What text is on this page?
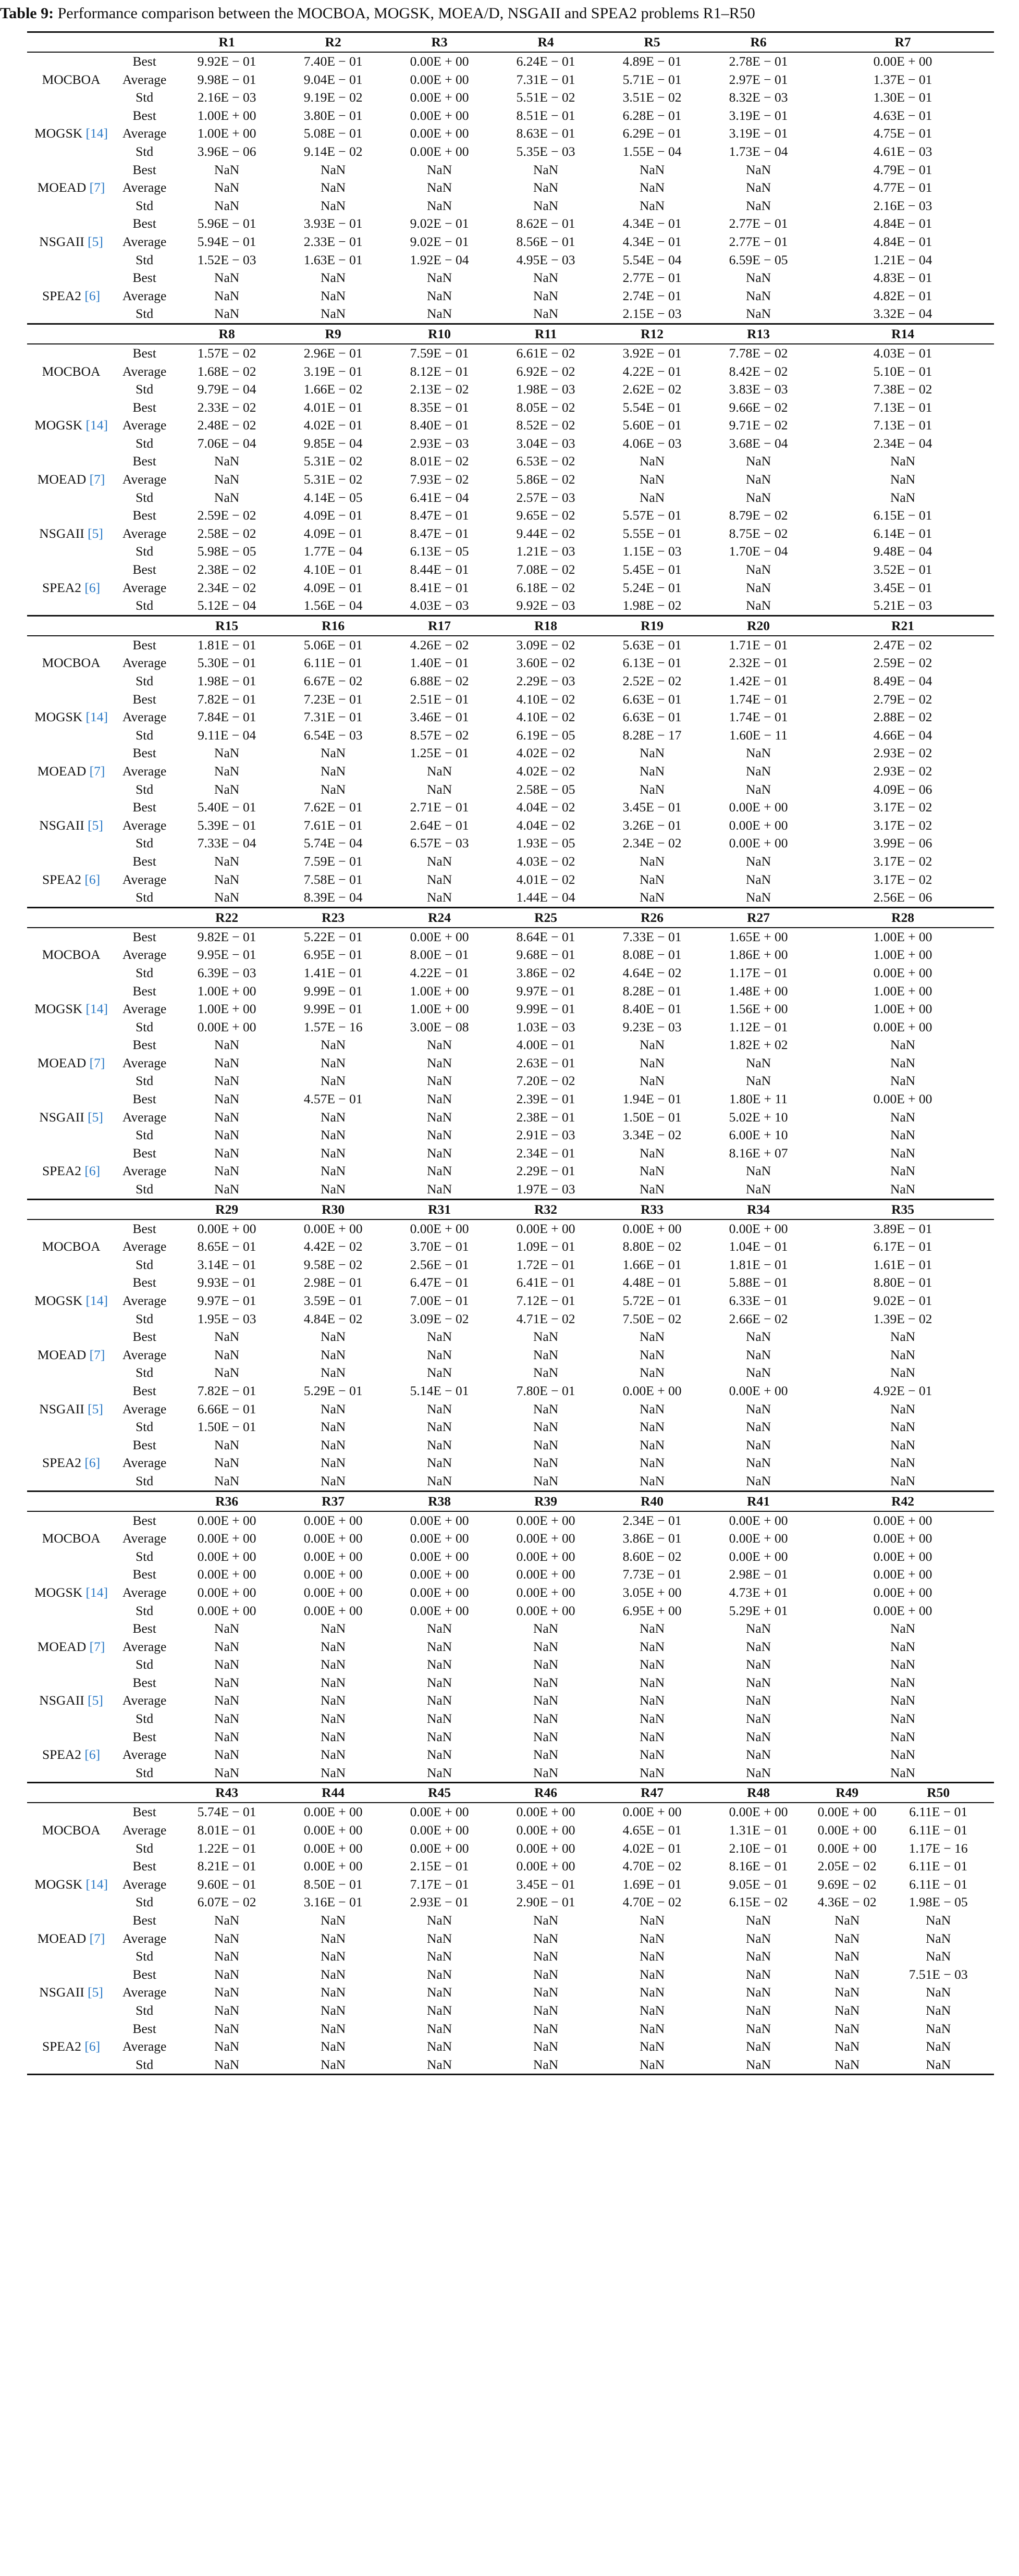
Table 9: Performance comparison between the MOCBOA, MOGSK, MOEA/D, NSGAII and SPEA2 problems R1–R50
		R1	R2	R3	R4	R5	R6	R7	
	Best	9.92E − 01	7.40E − 01	0.00E + 00	6.24E − 01	4.89E − 01	2.78E − 01	0.00E + 00	
MOCBOA	Average	9.98E − 01	9.04E − 01	0.00E + 00	7.31E − 01	5.71E − 01	2.97E − 01	1.37E − 01	
	Std	2.16E − 03	9.19E − 02	0.00E + 00	5.51E − 02	3.51E − 02	8.32E − 03	1.30E − 01	
	Best	1.00E + 00	3.80E − 01	0.00E + 00	8.51E − 01	6.28E − 01	3.19E − 01	4.63E − 01	
MOGSK [14]	Average	1.00E + 00	5.08E − 01	0.00E + 00	8.63E − 01	6.29E − 01	3.19E − 01	4.75E − 01	
	Std	3.96E − 06	9.14E − 02	0.00E + 00	5.35E − 03	1.55E − 04	1.73E − 04	4.61E − 03	
	Best	NaN	NaN	NaN	NaN	NaN	NaN	4.79E − 01	
MOEAD [7]	Average	NaN	NaN	NaN	NaN	NaN	NaN	4.77E − 01	
	Std	NaN	NaN	NaN	NaN	NaN	NaN	2.16E − 03	
	Best	5.96E − 01	3.93E − 01	9.02E − 01	8.62E − 01	4.34E − 01	2.77E − 01	4.84E − 01	
NSGAII [5]	Average	5.94E − 01	2.33E − 01	9.02E − 01	8.56E − 01	4.34E − 01	2.77E − 01	4.84E − 01	
	Std	1.52E − 03	1.63E − 01	1.92E − 04	4.95E − 03	5.54E − 04	6.59E − 05	1.21E − 04	
	Best	NaN	NaN	NaN	NaN	2.77E − 01	NaN	4.83E − 01	
SPEA2 [6]	Average	NaN	NaN	NaN	NaN	2.74E − 01	NaN	4.82E − 01	
	Std	NaN	NaN	NaN	NaN	2.15E − 03	NaN	3.32E − 04	
		R8	R9	R10	R11	R12	R13	R14	
	Best	1.57E − 02	2.96E − 01	7.59E − 01	6.61E − 02	3.92E − 01	7.78E − 02	4.03E − 01	
MOCBOA	Average	1.68E − 02	3.19E − 01	8.12E − 01	6.92E − 02	4.22E − 01	8.42E − 02	5.10E − 01	
	Std	9.79E − 04	1.66E − 02	2.13E − 02	1.98E − 03	2.62E − 02	3.83E − 03	7.38E − 02	
	Best	2.33E − 02	4.01E − 01	8.35E − 01	8.05E − 02	5.54E − 01	9.66E − 02	7.13E − 01	
MOGSK [14]	Average	2.48E − 02	4.02E − 01	8.40E − 01	8.52E − 02	5.60E − 01	9.71E − 02	7.13E − 01	
	Std	7.06E − 04	9.85E − 04	2.93E − 03	3.04E − 03	4.06E − 03	3.68E − 04	2.34E − 04	
	Best	NaN	5.31E − 02	8.01E − 02	6.53E − 02	NaN	NaN	NaN	
MOEAD [7]	Average	NaN	5.31E − 02	7.93E − 02	5.86E − 02	NaN	NaN	NaN	
	Std	NaN	4.14E − 05	6.41E − 04	2.57E − 03	NaN	NaN	NaN	
	Best	2.59E − 02	4.09E − 01	8.47E − 01	9.65E − 02	5.57E − 01	8.79E − 02	6.15E − 01	
NSGAII [5]	Average	2.58E − 02	4.09E − 01	8.47E − 01	9.44E − 02	5.55E − 01	8.75E − 02	6.14E − 01	
	Std	5.98E − 05	1.77E − 04	6.13E − 05	1.21E − 03	1.15E − 03	1.70E − 04	9.48E − 04	
	Best	2.38E − 02	4.10E − 01	8.44E − 01	7.08E − 02	5.45E − 01	NaN	3.52E − 01	
SPEA2 [6]	Average	2.34E − 02	4.09E − 01	8.41E − 01	6.18E − 02	5.24E − 01	NaN	3.45E − 01	
	Std	5.12E − 04	1.56E − 04	4.03E − 03	9.92E − 03	1.98E − 02	NaN	5.21E − 03	
		R15	R16	R17	R18	R19	R20	R21	
	Best	1.81E − 01	5.06E − 01	4.26E − 02	3.09E − 02	5.63E − 01	1.71E − 01	2.47E − 02	
MOCBOA	Average	5.30E − 01	6.11E − 01	1.40E − 01	3.60E − 02	6.13E − 01	2.32E − 01	2.59E − 02	
	Std	1.98E − 01	6.67E − 02	6.88E − 02	2.29E − 03	2.52E − 02	1.42E − 01	8.49E − 04	
	Best	7.82E − 01	7.23E − 01	2.51E − 01	4.10E − 02	6.63E − 01	1.74E − 01	2.79E − 02	
MOGSK [14]	Average	7.84E − 01	7.31E − 01	3.46E − 01	4.10E − 02	6.63E − 01	1.74E − 01	2.88E − 02	
	Std	9.11E − 04	6.54E − 03	8.57E − 02	6.19E − 05	8.28E − 17	1.60E − 11	4.66E − 04	
	Best	NaN	NaN	1.25E − 01	4.02E − 02	NaN	NaN	2.93E − 02	
MOEAD [7]	Average	NaN	NaN	NaN	4.02E − 02	NaN	NaN	2.93E − 02	
	Std	NaN	NaN	NaN	2.58E − 05	NaN	NaN	4.09E − 06	
	Best	5.40E − 01	7.62E − 01	2.71E − 01	4.04E − 02	3.45E − 01	0.00E + 00	3.17E − 02	
NSGAII [5]	Average	5.39E − 01	7.61E − 01	2.64E − 01	4.04E − 02	3.26E − 01	0.00E + 00	3.17E − 02	
	Std	7.33E − 04	5.74E − 04	6.57E − 03	1.93E − 05	2.34E − 02	0.00E + 00	3.99E − 06	
	Best	NaN	7.59E − 01	NaN	4.03E − 02	NaN	NaN	3.17E − 02	
SPEA2 [6]	Average	NaN	7.58E − 01	NaN	4.01E − 02	NaN	NaN	3.17E − 02	
	Std	NaN	8.39E − 04	NaN	1.44E − 04	NaN	NaN	2.56E − 06	
		R22	R23	R24	R25	R26	R27	R28	
	Best	9.82E − 01	5.22E − 01	0.00E + 00	8.64E − 01	7.33E − 01	1.65E + 00	1.00E + 00	
MOCBOA	Average	9.95E − 01	6.95E − 01	8.00E − 01	9.68E − 01	8.08E − 01	1.86E + 00	1.00E + 00	
	Std	6.39E − 03	1.41E − 01	4.22E − 01	3.86E − 02	4.64E − 02	1.17E − 01	0.00E + 00	
	Best	1.00E + 00	9.99E − 01	1.00E + 00	9.97E − 01	8.28E − 01	1.48E + 00	1.00E + 00	
MOGSK [14]	Average	1.00E + 00	9.99E − 01	1.00E + 00	9.99E − 01	8.40E − 01	1.56E + 00	1.00E + 00	
	Std	0.00E + 00	1.57E − 16	3.00E − 08	1.03E − 03	9.23E − 03	1.12E − 01	0.00E + 00	
	Best	NaN	NaN	NaN	4.00E − 01	NaN	1.82E + 02	NaN	
MOEAD [7]	Average	NaN	NaN	NaN	2.63E − 01	NaN	NaN	NaN	
	Std	NaN	NaN	NaN	7.20E − 02	NaN	NaN	NaN	
	Best	NaN	4.57E − 01	NaN	2.39E − 01	1.94E − 01	1.80E + 11	0.00E + 00	
NSGAII [5]	Average	NaN	NaN	NaN	2.38E − 01	1.50E − 01	5.02E + 10	NaN	
	Std	NaN	NaN	NaN	2.91E − 03	3.34E − 02	6.00E + 10	NaN	
	Best	NaN	NaN	NaN	2.34E − 01	NaN	8.16E + 07	NaN	
SPEA2 [6]	Average	NaN	NaN	NaN	2.29E − 01	NaN	NaN	NaN	
	Std	NaN	NaN	NaN	1.97E − 03	NaN	NaN	NaN	
		R29	R30	R31	R32	R33	R34	R35	
	Best	0.00E + 00	0.00E + 00	0.00E + 00	0.00E + 00	0.00E + 00	0.00E + 00	3.89E − 01	
MOCBOA	Average	8.65E − 01	4.42E − 02	3.70E − 01	1.09E − 01	8.80E − 02	1.04E − 01	6.17E − 01	
	Std	3.14E − 01	9.58E − 02	2.56E − 01	1.72E − 01	1.66E − 01	1.81E − 01	1.61E − 01	
	Best	9.93E − 01	2.98E − 01	6.47E − 01	6.41E − 01	4.48E − 01	5.88E − 01	8.80E − 01	
MOGSK [14]	Average	9.97E − 01	3.59E − 01	7.00E − 01	7.12E − 01	5.72E − 01	6.33E − 01	9.02E − 01	
	Std	1.95E − 03	4.84E − 02	3.09E − 02	4.71E − 02	7.50E − 02	2.66E − 02	1.39E − 02	
	Best	NaN	NaN	NaN	NaN	NaN	NaN	NaN	
MOEAD [7]	Average	NaN	NaN	NaN	NaN	NaN	NaN	NaN	
	Std	NaN	NaN	NaN	NaN	NaN	NaN	NaN	
	Best	7.82E − 01	5.29E − 01	5.14E − 01	7.80E − 01	0.00E + 00	0.00E + 00	4.92E − 01	
NSGAII [5]	Average	6.66E − 01	NaN	NaN	NaN	NaN	NaN	NaN	
	Std	1.50E − 01	NaN	NaN	NaN	NaN	NaN	NaN	
	Best	NaN	NaN	NaN	NaN	NaN	NaN	NaN	
SPEA2 [6]	Average	NaN	NaN	NaN	NaN	NaN	NaN	NaN	
	Std	NaN	NaN	NaN	NaN	NaN	NaN	NaN	
		R36	R37	R38	R39	R40	R41	R42	
	Best	0.00E + 00	0.00E + 00	0.00E + 00	0.00E + 00	2.34E − 01	0.00E + 00	0.00E + 00	
MOCBOA	Average	0.00E + 00	0.00E + 00	0.00E + 00	0.00E + 00	3.86E − 01	0.00E + 00	0.00E + 00	
	Std	0.00E + 00	0.00E + 00	0.00E + 00	0.00E + 00	8.60E − 02	0.00E + 00	0.00E + 00	
	Best	0.00E + 00	0.00E + 00	0.00E + 00	0.00E + 00	7.73E − 01	2.98E − 01	0.00E + 00	
MOGSK [14]	Average	0.00E + 00	0.00E + 00	0.00E + 00	0.00E + 00	3.05E + 00	4.73E + 01	0.00E + 00	
	Std	0.00E + 00	0.00E + 00	0.00E + 00	0.00E + 00	6.95E + 00	5.29E + 01	0.00E + 00	
	Best	NaN	NaN	NaN	NaN	NaN	NaN	NaN	
MOEAD [7]	Average	NaN	NaN	NaN	NaN	NaN	NaN	NaN	
	Std	NaN	NaN	NaN	NaN	NaN	NaN	NaN	
	Best	NaN	NaN	NaN	NaN	NaN	NaN	NaN	
NSGAII [5]	Average	NaN	NaN	NaN	NaN	NaN	NaN	NaN	
	Std	NaN	NaN	NaN	NaN	NaN	NaN	NaN	
	Best	NaN	NaN	NaN	NaN	NaN	NaN	NaN	
SPEA2 [6]	Average	NaN	NaN	NaN	NaN	NaN	NaN	NaN	
	Std	NaN	NaN	NaN	NaN	NaN	NaN	NaN	
		R43	R44	R45	R46	R47	R48	R49	R50
	Best	5.74E − 01	0.00E + 00	0.00E + 00	0.00E + 00	0.00E + 00	0.00E + 00	0.00E + 00	6.11E − 01
MOCBOA	Average	8.01E − 01	0.00E + 00	0.00E + 00	0.00E + 00	4.65E − 01	1.31E − 01	0.00E + 00	6.11E − 01
	Std	1.22E − 01	0.00E + 00	0.00E + 00	0.00E + 00	4.02E − 01	2.10E − 01	0.00E + 00	1.17E − 16
	Best	8.21E − 01	0.00E + 00	2.15E − 01	0.00E + 00	4.70E − 02	8.16E − 01	2.05E − 02	6.11E − 01
MOGSK [14]	Average	9.60E − 01	8.50E − 01	7.17E − 01	3.45E − 01	1.69E − 01	9.05E − 01	9.69E − 02	6.11E − 01
	Std	6.07E − 02	3.16E − 01	2.93E − 01	2.90E − 01	4.70E − 02	6.15E − 02	4.36E − 02	1.98E − 05
	Best	NaN	NaN	NaN	NaN	NaN	NaN	NaN	NaN
MOEAD [7]	Average	NaN	NaN	NaN	NaN	NaN	NaN	NaN	NaN
	Std	NaN	NaN	NaN	NaN	NaN	NaN	NaN	NaN
	Best	NaN	NaN	NaN	NaN	NaN	NaN	NaN	7.51E − 03
NSGAII [5]	Average	NaN	NaN	NaN	NaN	NaN	NaN	NaN	NaN
	Std	NaN	NaN	NaN	NaN	NaN	NaN	NaN	NaN
	Best	NaN	NaN	NaN	NaN	NaN	NaN	NaN	NaN
SPEA2 [6]	Average	NaN	NaN	NaN	NaN	NaN	NaN	NaN	NaN
	Std	NaN	NaN	NaN	NaN	NaN	NaN	NaN	NaN
